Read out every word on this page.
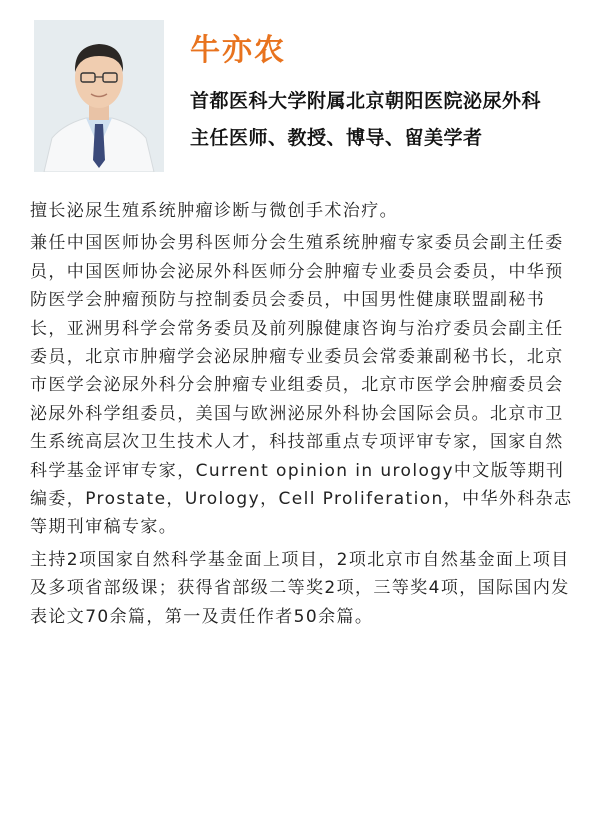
牛亦农
首都医科大学附属北京朝阳医院泌尿外科
主任医师、教授、博导、留美学者

擅长泌尿生殖系统肿瘤诊断与微创手术治疗。

兼任中国医师协会男科医师分会生殖系统肿瘤专家委员会副主任委员，中国医师协会泌尿外科医师分会肿瘤专业委员会委员，中华预防医学会肿瘤预防与控制委员会委员，中国男性健康联盟副秘书长，亚洲男科学会常务委员及前列腺健康咨询与治疗委员会副主任委员，北京市肿瘤学会泌尿肿瘤专业委员会常委兼副秘书长，北京市医学会泌尿外科分会肿瘤专业组委员，北京市医学会肿瘤委员会泌尿外科学组委员，美国与欧洲泌尿外科协会国际会员。北京市卫生系统高层次卫生技术人才，科技部重点专项评审专家，国家自然科学基金评审专家，Current opinion in urology中文版等期刊编委，Prostate，Urology，Cell Proliferation，中华外科杂志等期刊审稿专家。

主持2项国家自然科学基金面上项目，2项北京市自然基金面上项目及多项省部级课；获得省部级二等奖2项，三等奖4项，国际国内发表论文70余篇，第一及责任作者50余篇。
